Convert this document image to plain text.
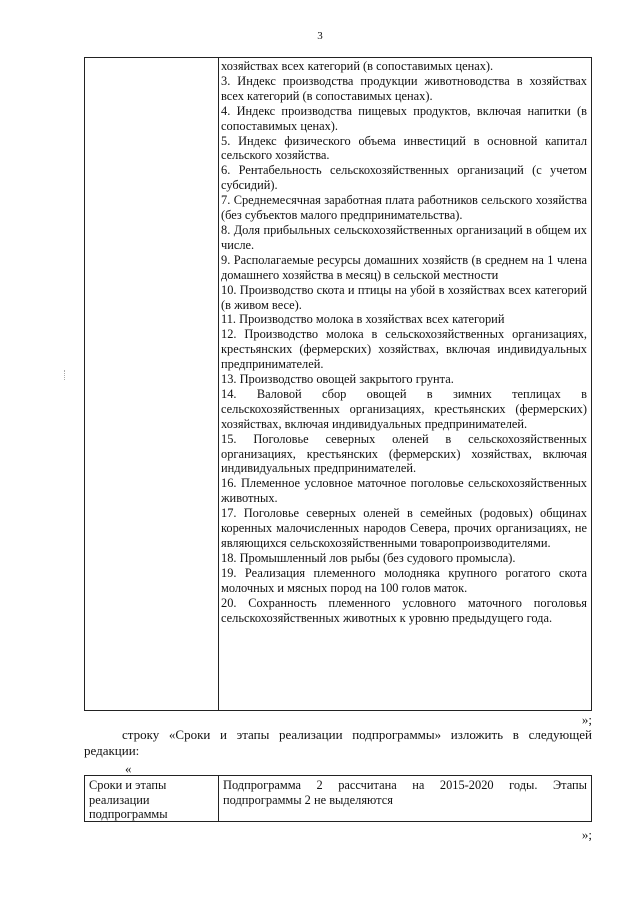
3
хозяйствах всех категорий (в сопоставимых ценах).
3. Индекс производства продукции животноводства в хозяйствах всех категорий (в сопоставимых ценах).
4. Индекс производства пищевых продуктов, включая напитки (в сопоставимых ценах).
5. Индекс физического объема инвестиций в основной капитал сельского хозяйства.
6. Рентабельность сельскохозяйственных организаций (с учетом субсидий).
7. Среднемесячная заработная плата работников сельского хозяйства (без субъектов малого предпринимательства).
8. Доля прибыльных сельскохозяйственных организаций в общем их числе.
9. Располагаемые ресурсы домашних хозяйств (в среднем на 1 члена домашнего хозяйства в месяц) в сельской местности
10. Производство скота и птицы на убой в хозяйствах всех категорий (в живом весе).
11. Производство молока в хозяйствах всех категорий
12. Производство молока в сельскохозяйственных организациях, крестьянских (фермерских) хозяйствах, включая индивидуальных предпринимателей.
13. Производство овощей закрытого грунта.
14. Валовой сбор овощей в зимних теплицах в сельскохозяйственных организациях, крестьянских (фермерских) хозяйствах, включая индивидуальных предпринимателей.
15. Поголовье северных оленей в сельскохозяйственных организациях, крестьянских (фермерских) хозяйствах, включая индивидуальных предпринимателей.
16. Племенное условное маточное поголовье сельскохозяйственных животных.
17. Поголовье северных оленей в семейных (родовых) общинах коренных малочисленных народов Севера, прочих организациях, не являющихся сельскохозяйственными товаропроизводителями.
18. Промышленный лов рыбы (без судового промысла).
19. Реализация племенного молодняка крупного рогатого скота молочных и мясных пород на 100 голов маток.
20. Сохранность племенного условного маточного поголовья сельскохозяйственных животных к уровню предыдущего года.
»;
строку «Сроки и этапы реализации подпрограммы» изложить в следующей редакции:
«
Сроки и этапы реализации подпрограммы
Подпрограмма 2 рассчитана на 2015-2020 годы. Этапы подпрограммы 2 не выделяются
»;
